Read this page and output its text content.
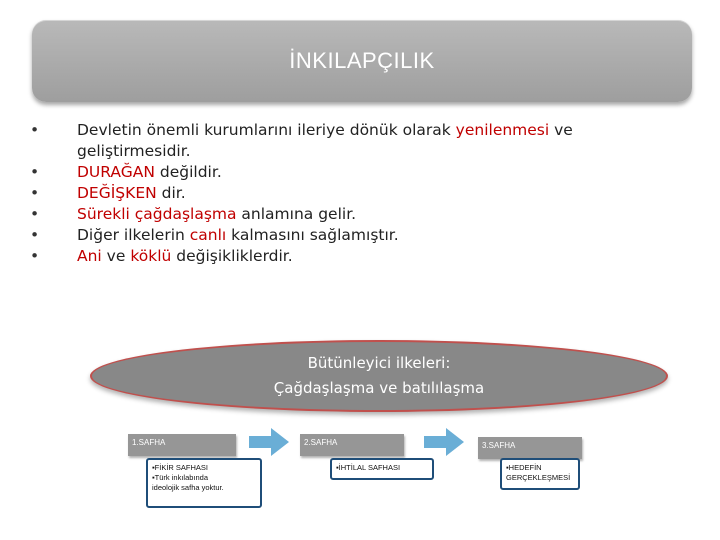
İNKILAPÇILIK
• Devletin önemli kurumlarını ileriye dönük olarak yenilenmesi ve geliştirmesidir.
• DURAĞAN değildir.
• DEĞİŞKEN dir.
• Sürekli çağdaşlaşma anlamına gelir.
• Diğer ilkelerin canlı kalmasını sağlamıştır.
• Ani ve köklü değişikliklerdir.
Bütünleyici ilkeleri:
Çağdaşlaşma ve batılılaşma
1.SAFHA
▪FİKİR SAFHASI
▪Türk inkılabında
ideolojik safha yoktur.
2.SAFHA
▪İHTİLAL SAFHASI
3.SAFHA
▪HEDEFİN
GERÇEKLEŞMESİ
